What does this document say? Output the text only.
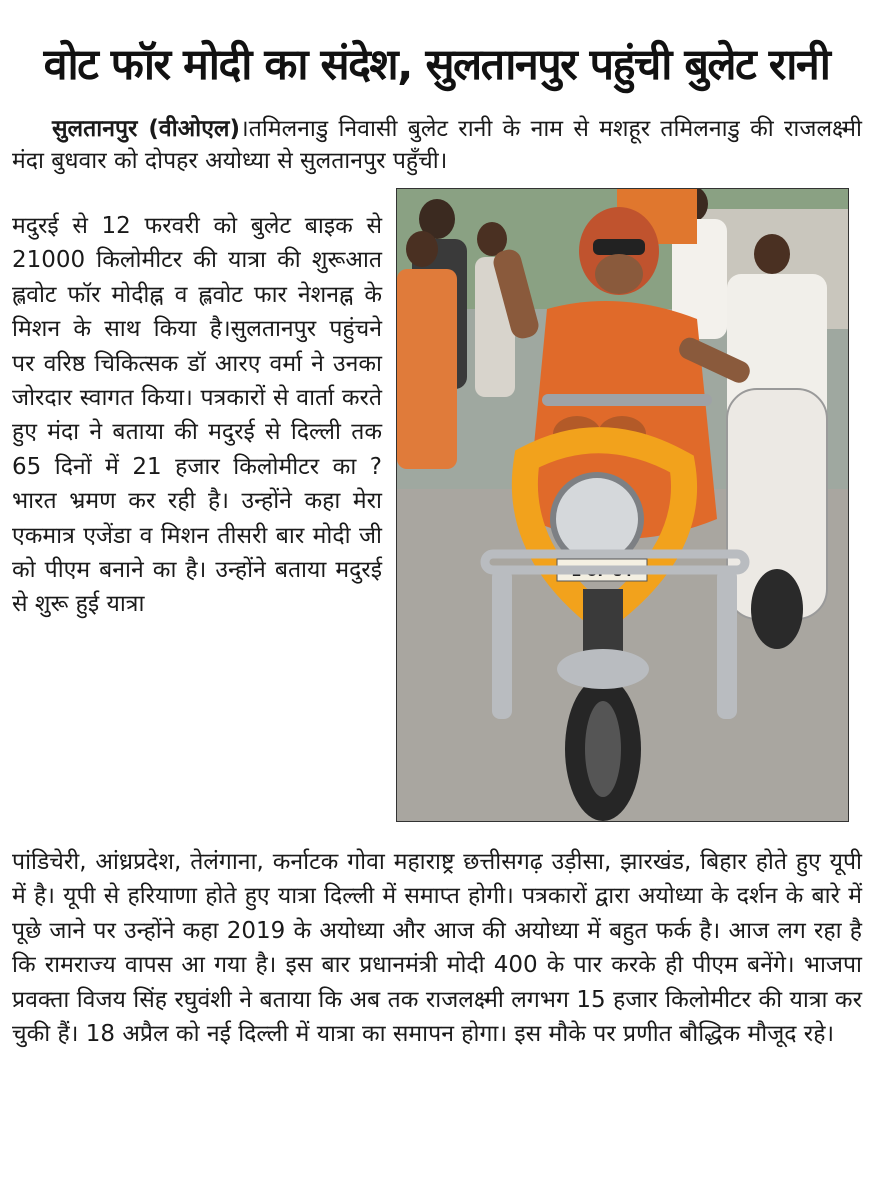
वोट फॉर मोदी का संदेश, सुलतानपुर पहुंची बुलेट रानी

सुलतानपुर (वीओएल)।तमिलनाडु निवासी बुलेट रानी के नाम से मशहूर तमिलनाडु की राजलक्ष्मी मंदा बुधवार को दोपहर अयोध्या से सुलतानपुर पहुँची।

मदुरई से 12 फरवरी को बुलेट बाइक से 21000 किलोमीटर की यात्रा की शुरूआत ह्लवोट फॉर मोदीह्न व ह्लवोट फार नेशनह्न के मिशन के साथ किया है।सुलतानपुर पहुंचने पर वरिष्ठ चिकित्सक डॉ आरए वर्मा ने उनका जोरदार स्वागत किया। पत्रकारों से वार्ता करते हुए मंदा ने बताया की मदुरई से दिल्ली तक 65 दिनों में 21 हजार किलोमीटर का ? भारत भ्रमण कर रही है। उन्होंने कहा मेरा एकमात्र एजेंडा व मिशन तीसरी बार मोदी जी को पीएम बनाने का है। उन्होंने बताया मदुरई से शुरू हुई यात्रा

2 UP 84

पांडिचेरी, आंध्रप्रदेश, तेलंगाना, कर्नाटक गोवा महाराष्ट्र छत्तीसगढ़ उड़ीसा, झारखंड, बिहार होते हुए यूपी में है। यूपी से हरियाणा होते हुए यात्रा दिल्ली में समाप्त होगी। पत्रकारों द्वारा अयोध्या के दर्शन के बारे में पूछे जाने पर उन्होंने कहा 2019 के अयोध्या और आज की अयोध्या में बहुत फर्क है। आज लग रहा है कि रामराज्य वापस आ गया है। इस बार प्रधानमंत्री मोदी 400 के पार करके ही पीएम बनेंगे। भाजपा प्रवक्ता विजय सिंह रघुवंशी ने बताया कि अब तक राजलक्ष्मी लगभग 15 हजार किलोमीटर की यात्रा कर चुकी हैं। 18 अप्रैल को नई दिल्ली में यात्रा का समापन होगा। इस मौके पर प्रणीत बौद्धिक मौजूद रहे।
